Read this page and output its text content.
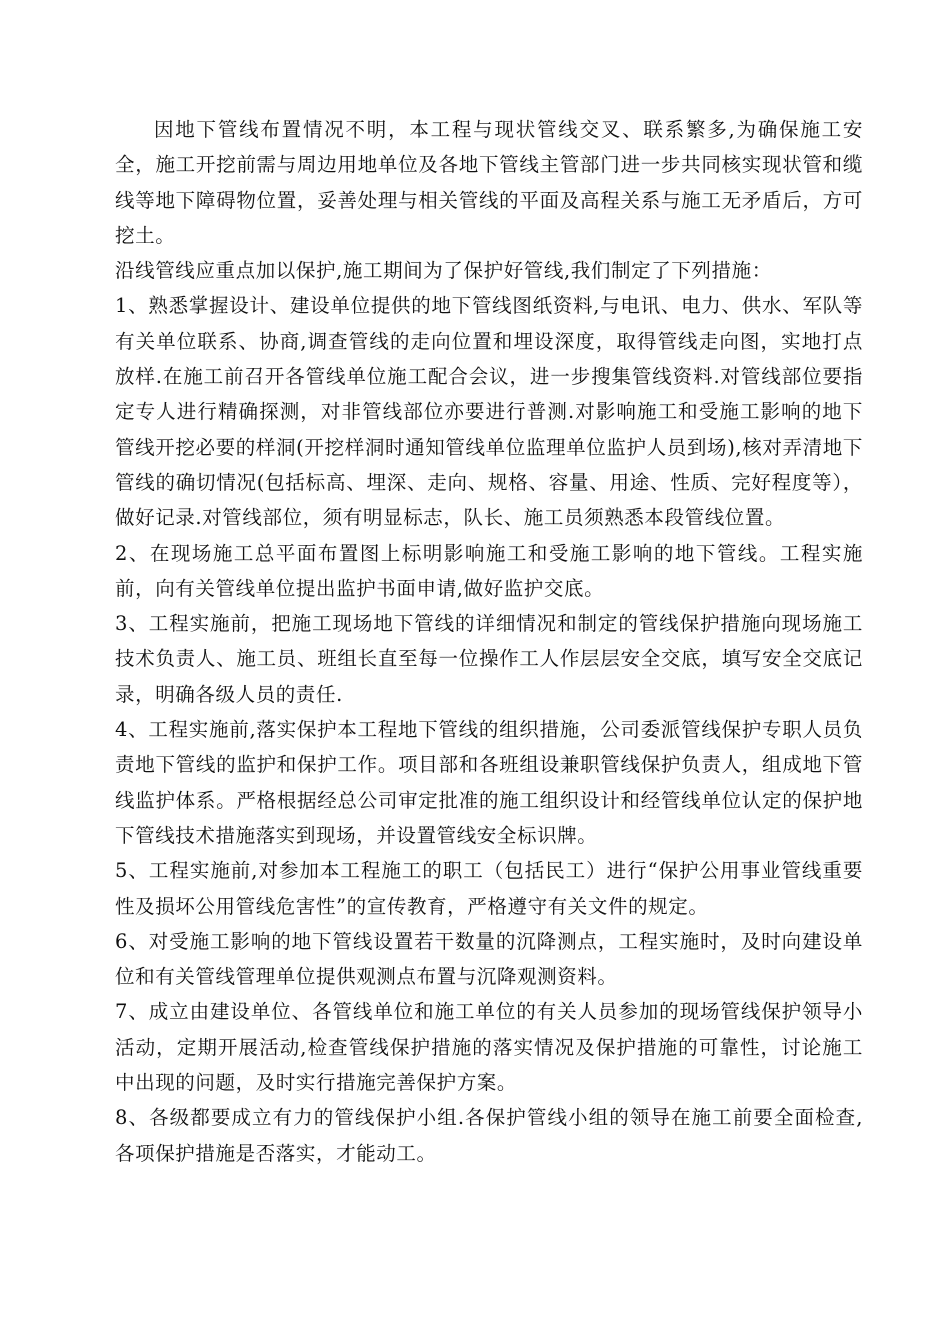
因地下管线布置情况不明，本工程与现状管线交叉、联系繁多,为确保施工安全，施工开挖前需与周边用地单位及各地下管线主管部门进一步共同核实现状管和缆线等地下障碍物位置，妥善处理与相关管线的平面及高程关系与施工无矛盾后，方可挖土。

沿线管线应重点加以保护,施工期间为了保护好管线,我们制定了下列措施：

1、熟悉掌握设计、建设单位提供的地下管线图纸资料,与电讯、电力、供水、军队等有关单位联系、协商,调查管线的走向位置和埋设深度，取得管线走向图，实地打点放样.在施工前召开各管线单位施工配合会议，进一步搜集管线资料.对管线部位要指定专人进行精确探测，对非管线部位亦要进行普测.对影响施工和受施工影响的地下管线开挖必要的样洞(开挖样洞时通知管线单位监理单位监护人员到场),核对弄清地下管线的确切情况(包括标高、埋深、走向、规格、容量、用途、性质、完好程度等），做好记录.对管线部位，须有明显标志，队长、施工员须熟悉本段管线位置。

2、在现场施工总平面布置图上标明影响施工和受施工影响的地下管线。工程实施前，向有关管线单位提出监护书面申请,做好监护交底。

3、工程实施前，把施工现场地下管线的详细情况和制定的管线保护措施向现场施工技术负责人、施工员、班组长直至每一位操作工人作层层安全交底，填写安全交底记录，明确各级人员的责任.

4、工程实施前,落实保护本工程地下管线的组织措施，公司委派管线保护专职人员负责地下管线的监护和保护工作。项目部和各班组设兼职管线保护负责人，组成地下管线监护体系。严格根据经总公司审定批准的施工组织设计和经管线单位认定的保护地下管线技术措施落实到现场，并设置管线安全标识牌。

5、工程实施前,对参加本工程施工的职工（包括民工）进行“保护公用事业管线重要性及损坏公用管线危害性”的宣传教育，严格遵守有关文件的规定。

6、对受施工影响的地下管线设置若干数量的沉降测点，工程实施时，及时向建设单位和有关管线管理单位提供观测点布置与沉降观测资料。

7、成立由建设单位、各管线单位和施工单位的有关人员参加的现场管线保护领导小活动，定期开展活动,检查管线保护措施的落实情况及保护措施的可靠性，讨论施工中出现的问题，及时实行措施完善保护方案。

8、各级都要成立有力的管线保护小组.各保护管线小组的领导在施工前要全面检查,各项保护措施是否落实，才能动工。
